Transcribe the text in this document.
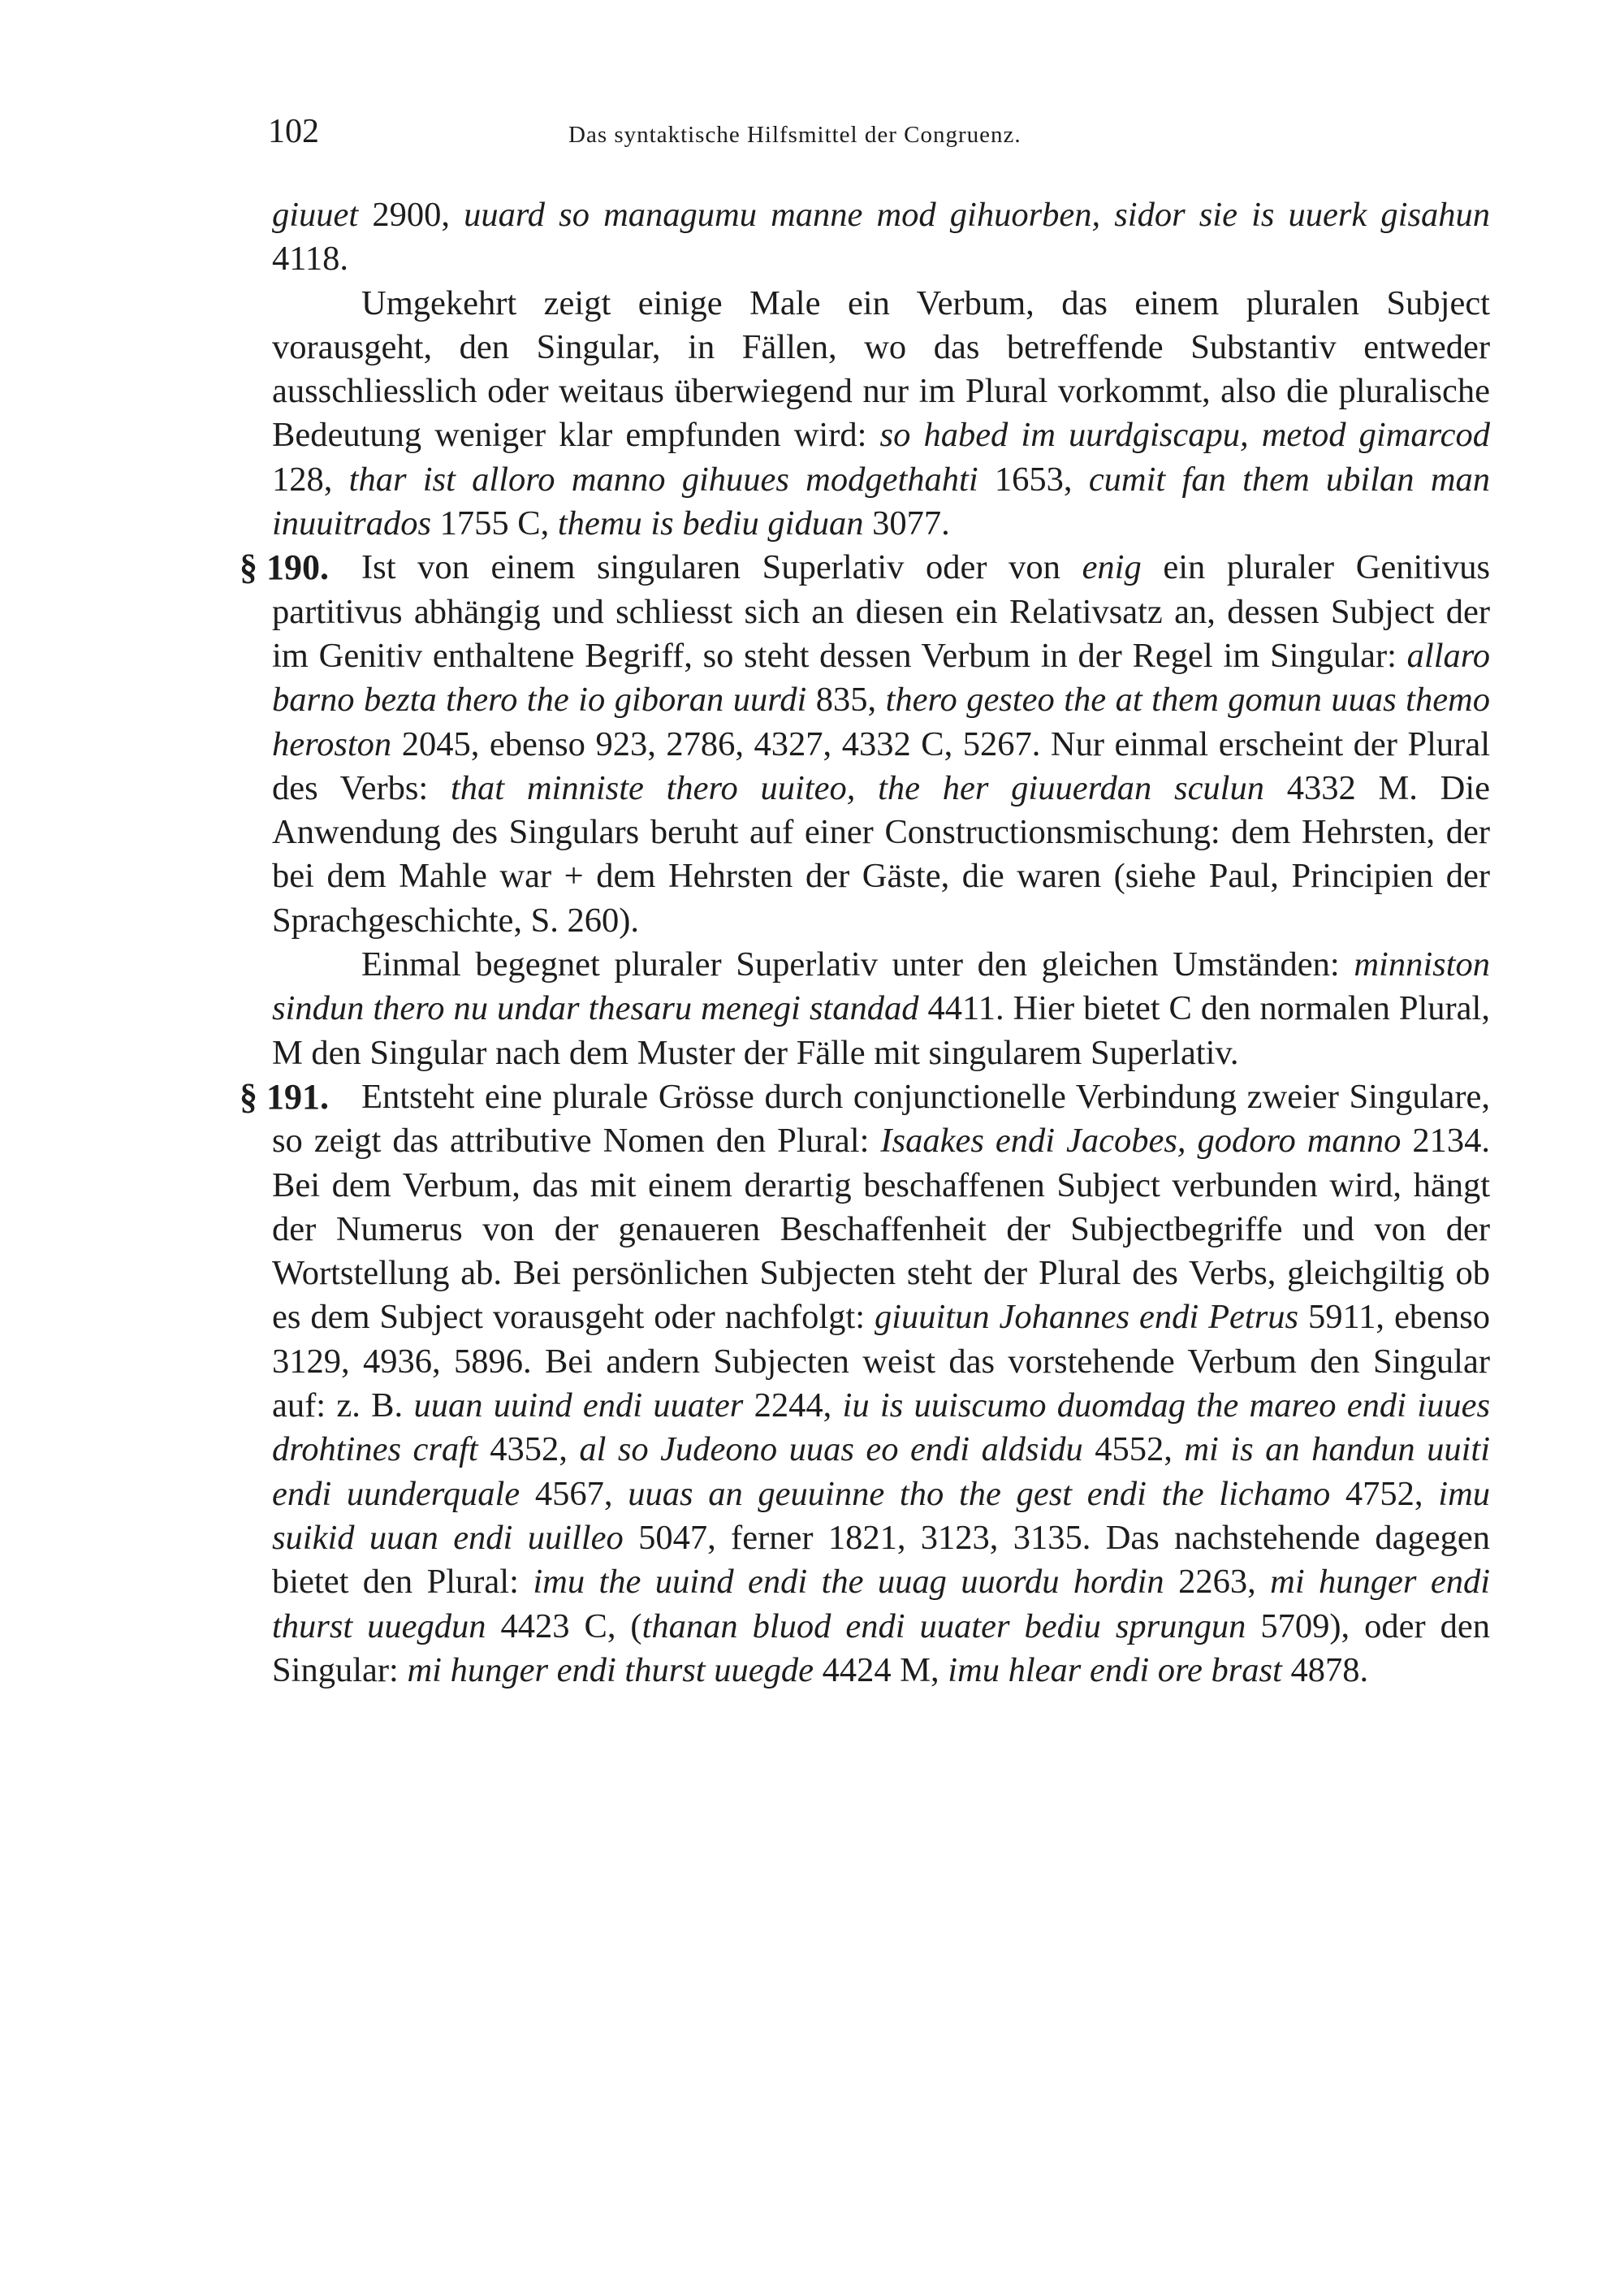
102	Das syntaktische Hilfsmittel der Congruenz.

giuuet 2900, uuard so managumu manne mod gihuorben, sidor sie is uuerk gisahun 4118.

Umgekehrt zeigt einige Male ein Verbum, das einem pluralen Subject vorausgeht, den Singular, in Fällen, wo das betreffende Substantiv entweder ausschliesslich oder weitaus überwiegend nur im Plural vorkommt, also die pluralische Bedeutung weniger klar empfunden wird: so habed im uurdgiscapu, metod gimarcod 128, thar ist alloro manno gihuues modgethahti 1653, cumit fan them ubilan man inuuitrados 1755 C, themu is bediu giduan 3077.

§ 190. Ist von einem singularen Superlativ oder von enig ein pluraler Genitivus partitivus abhängig und schliesst sich an diesen ein Relativsatz an, dessen Subject der im Genitiv enthaltene Begriff, so steht dessen Verbum in der Regel im Singular: allaro barno bezta thero the io giboran uurdi 835, thero gesteo the at them gomun uuas themo heroston 2045, ebenso 923, 2786, 4327, 4332 C, 5267. Nur einmal erscheint der Plural des Verbs: that minniste thero uuiteo, the her giuuerdan sculun 4332 M. Die Anwendung des Singulars beruht auf einer Constructionsmischung: dem Hehrsten, der bei dem Mahle war + dem Hehrsten der Gäste, die waren (siehe Paul, Principien der Sprachgeschichte, S. 260).

Einmal begegnet pluraler Superlativ unter den gleichen Umständen: minniston sindun thero nu undar thesaru menegi standad 4411. Hier bietet C den normalen Plural, M den Singular nach dem Muster der Fälle mit singularem Superlativ.

§ 191. Entsteht eine plurale Grösse durch conjunctionelle Verbindung zweier Singulare, so zeigt das attributive Nomen den Plural: Isaakes endi Jacobes, godoro manno 2134. Bei dem Verbum, das mit einem derartig beschaffenen Subject verbunden wird, hängt der Numerus von der genaueren Beschaffenheit der Subjectbegriffe und von der Wortstellung ab. Bei persönlichen Subjecten steht der Plural des Verbs, gleichgiltig ob es dem Subject vorausgeht oder nachfolgt: giuuitun Johannes endi Petrus 5911, ebenso 3129, 4936, 5896. Bei andern Subjecten weist das vorstehende Verbum den Singular auf: z. B. uuan uuind endi uuater 2244, iu is uuiscumo duomdag the mareo endi iuues drohtines craft 4352, al so Judeono uuas eo endi aldsidu 4552, mi is an handun uuiti endi uunderquale 4567, uuas an geuuinne tho the gest endi the lichamo 4752, imu suikid uuan endi uuilleo 5047, ferner 1821, 3123, 3135. Das nachstehende dagegen bietet den Plural: imu the uuind endi the uuag uuordu hordin 2263, mi hunger endi thurst uuegdun 4423 C, (thanan bluod endi uuater bediu sprungun 5709), oder den Singular: mi hunger endi thurst uuegde 4424 M, imu hlear endi ore brast 4878.
